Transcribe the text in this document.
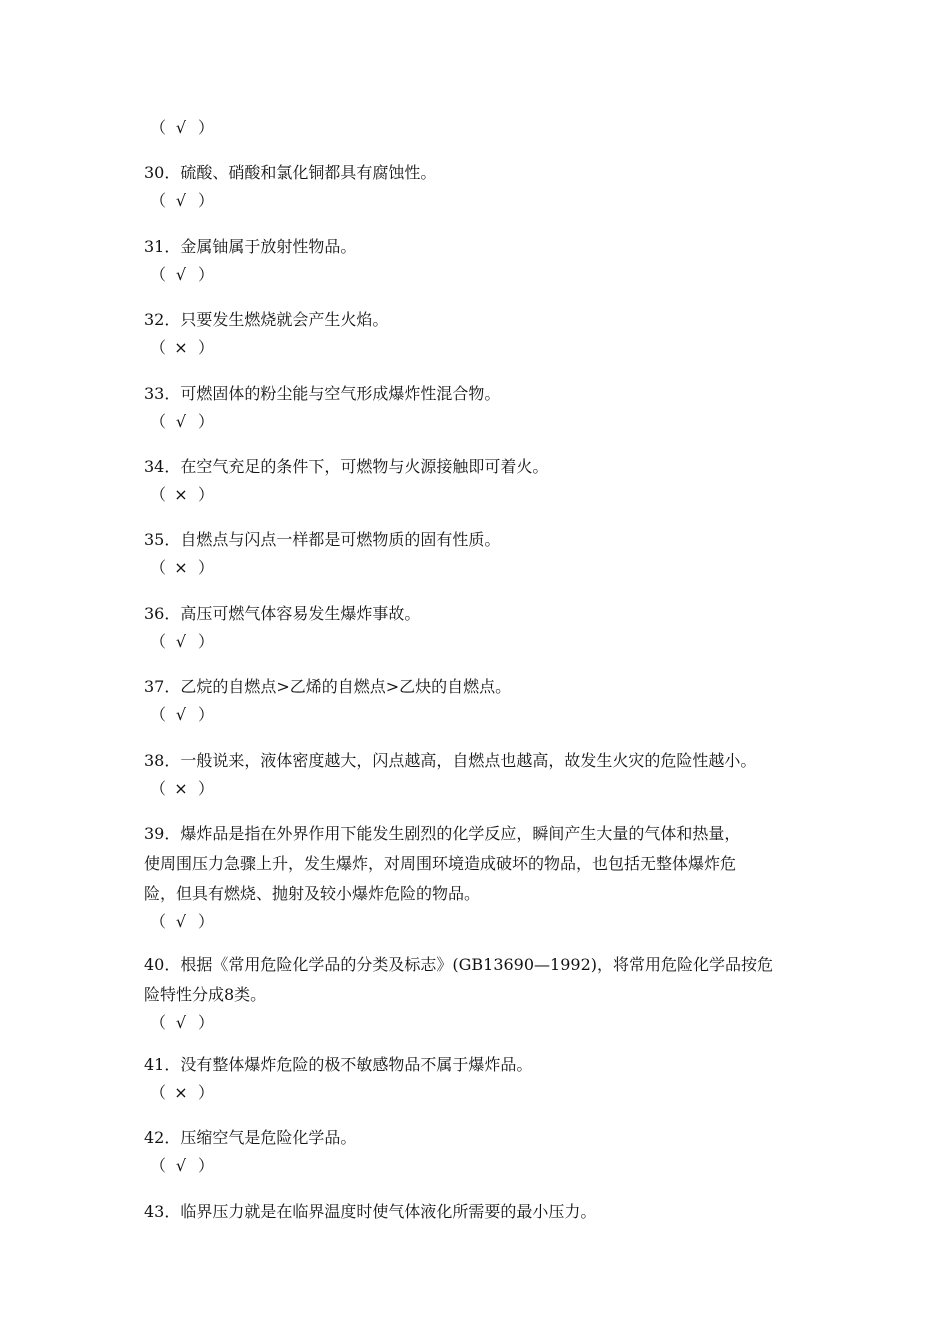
（ √ ）
30．硫酸、硝酸和氯化铜都具有腐蚀性。
（ √ ）
31．金属铀属于放射性物品。
（ √ ）
32．只要发生燃烧就会产生火焰。
（ × ）
33．可燃固体的粉尘能与空气形成爆炸性混合物。
（ √ ）
34．在空气充足的条件下，可燃物与火源接触即可着火。
（ × ）
35．自燃点与闪点一样都是可燃物质的固有性质。
（ × ）
36．高压可燃气体容易发生爆炸事故。
（ √ ）
37．乙烷的自燃点>乙烯的自燃点>乙炔的自燃点。
（ √ ）
38．一般说来，液体密度越大，闪点越高，自燃点也越高，故发生火灾的危险性越小。
（ × ）
39．爆炸品是指在外界作用下能发生剧烈的化学反应，瞬间产生大量的气体和热量，
使周围压力急骤上升，发生爆炸，对周围环境造成破坏的物品，也包括无整体爆炸危
险，但具有燃烧、抛射及较小爆炸危险的物品。
（ √ ）
40．根据《常用危险化学品的分类及标志》(GB13690—1992)，将常用危险化学品按危
险特性分成8类。
（ √ ）
41．没有整体爆炸危险的极不敏感物品不属于爆炸品。
（ × ）
42．压缩空气是危险化学品。
（ √ ）
43．临界压力就是在临界温度时使气体液化所需要的最小压力。
